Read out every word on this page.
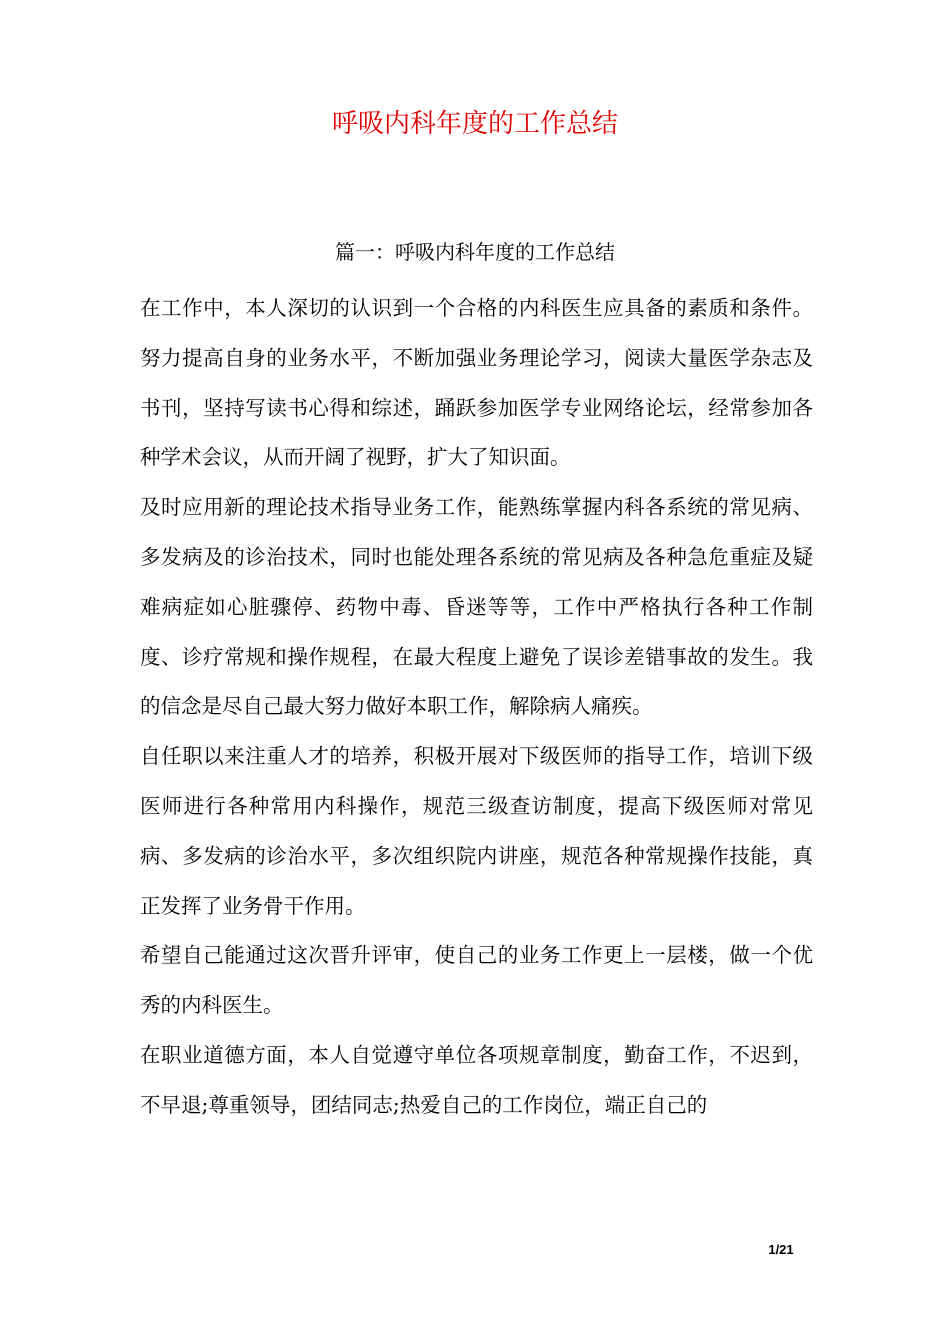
呼吸内科年度的工作总结
篇一：呼吸内科年度的工作总结

在工作中，本人深切的认识到一个合格的内科医生应具备的素质和条件。努力提高自身的业务水平，不断加强业务理论学习，阅读大量医学杂志及书刊，坚持写读书心得和综述，踊跃参加医学专业网络论坛，经常参加各种学术会议，从而开阔了视野，扩大了知识面。

及时应用新的理论技术指导业务工作，能熟练掌握内科各系统的常见病、多发病及的诊治技术，同时也能处理各系统的常见病及各种急危重症及疑难病症如心脏骤停、药物中毒、昏迷等等，工作中严格执行各种工作制度、诊疗常规和操作规程，在最大程度上避免了误诊差错事故的发生。我的信念是尽自己最大努力做好本职工作，解除病人痛疾。

自任职以来注重人才的培养，积极开展对下级医师的指导工作，培训下级医师进行各种常用内科操作，规范三级查访制度，提高下级医师对常见病、多发病的诊治水平，多次组织院内讲座，规范各种常规操作技能，真正发挥了业务骨干作用。

希望自己能通过这次晋升评审，使自己的业务工作更上一层楼，做一个优秀的内科医生。

在职业道德方面，本人自觉遵守单位各项规章制度，勤奋工作，不迟到，不早退;尊重领导，团结同志;热爱自己的工作岗位，端正自己的

1/21
